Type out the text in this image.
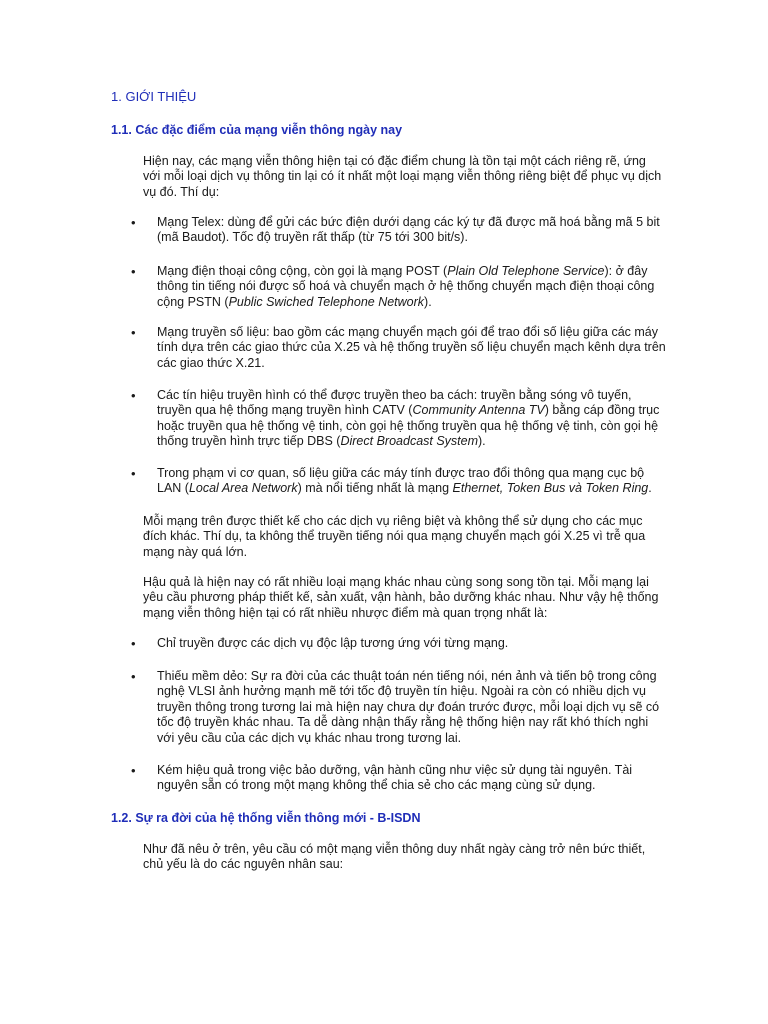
1. GIỚI THIỆU
1.1. Các đặc điểm của mạng viễn thông ngày nay

Hiện nay, các mạng viễn thông hiện tại có đặc điểm chung là tồn tại một cách riêng rẽ, ứng với mỗi loại dịch vụ thông tin lại có ít nhất một loại mạng viễn thông riêng biệt để phục vụ dịch vụ đó. Thí dụ:

•	Mạng Telex: dùng để gửi các bức điện dưới dạng các ký tự đã được mã hoá bằng mã 5 bit (mã Baudot). Tốc độ truyền rất thấp (từ 75 tới 300 bit/s).
•	Mạng điện thoại công cộng, còn gọi là mạng POST (Plain Old Telephone Service): ở đây thông tin tiếng nói được số hoá và chuyển mạch ở hệ thống chuyển mạch điện thoại công cộng PSTN (Public Swiched Telephone Network).
•	Mạng truyền số liệu: bao gồm các mạng chuyển mạch gói để trao đổi số liệu giữa các máy tính dựa trên các giao thức của X.25 và hệ thống truyền số liệu chuyển mạch kênh dựa trên các giao thức X.21.
•	Các tín hiệu truyền hình có thể được truyền theo ba cách: truyền bằng sóng vô tuyến, truyền qua hệ thống mạng truyền hình CATV (Community Antenna TV) bằng cáp đồng trục hoặc truyền qua hệ thống vệ tinh, còn gọi hệ thống truyền qua hệ thống vệ tinh, còn gọi hệ thống truyền hình trực tiếp DBS (Direct Broadcast System).
•	Trong phạm vi cơ quan, số liệu giữa các máy tính được trao đổi thông qua mạng cục bộ LAN (Local Area Network) mà nổi tiếng nhất là mạng Ethernet, Token Bus và Token Ring.

Mỗi mạng trên được thiết kế cho các dịch vụ riêng biệt và không thể sử dụng cho các mục đích khác. Thí dụ, ta không thể truyền tiếng nói qua mạng chuyển mạch gói X.25 vì trễ qua mạng này quá lớn.

Hậu quả là hiện nay có rất nhiều loại mạng khác nhau cùng song song tồn tại. Mỗi mạng lại yêu cầu phương pháp thiết kế, sản xuất, vận hành, bảo dưỡng khác nhau. Như vậy hệ thống mạng viễn thông hiện tại có rất nhiều nhược điểm mà quan trọng nhất là:

•	Chỉ truyền được các dịch vụ độc lập tương ứng với từng mạng.
•	Thiếu mềm dẻo: Sự ra đời của các thuật toán nén tiếng nói, nén ảnh và tiến bộ trong công nghệ VLSI ảnh hưởng mạnh mẽ tới tốc độ truyền tín hiệu. Ngoài ra còn có nhiều dịch vụ truyền thông trong tương lai mà hiện nay chưa dự đoán trước được, mỗi loại dịch vụ sẽ có tốc độ truyền khác nhau. Ta dễ dàng nhận thấy rằng hệ thống hiện nay rất khó thích nghi với yêu cầu của các dịch vụ khác nhau trong tương lai.
•	Kém hiệu quả trong việc bảo dưỡng, vận hành cũng như việc sử dụng tài nguyên. Tài nguyên sẵn có trong một mạng không thể chia sẻ cho các mạng cùng sử dụng.
1.2. Sự ra đời của hệ thống viễn thông mới - B-ISDN

Như đã nêu ở trên, yêu cầu có một mạng viễn thông duy nhất ngày càng trở nên bức thiết, chủ yếu là do các nguyên nhân sau:
